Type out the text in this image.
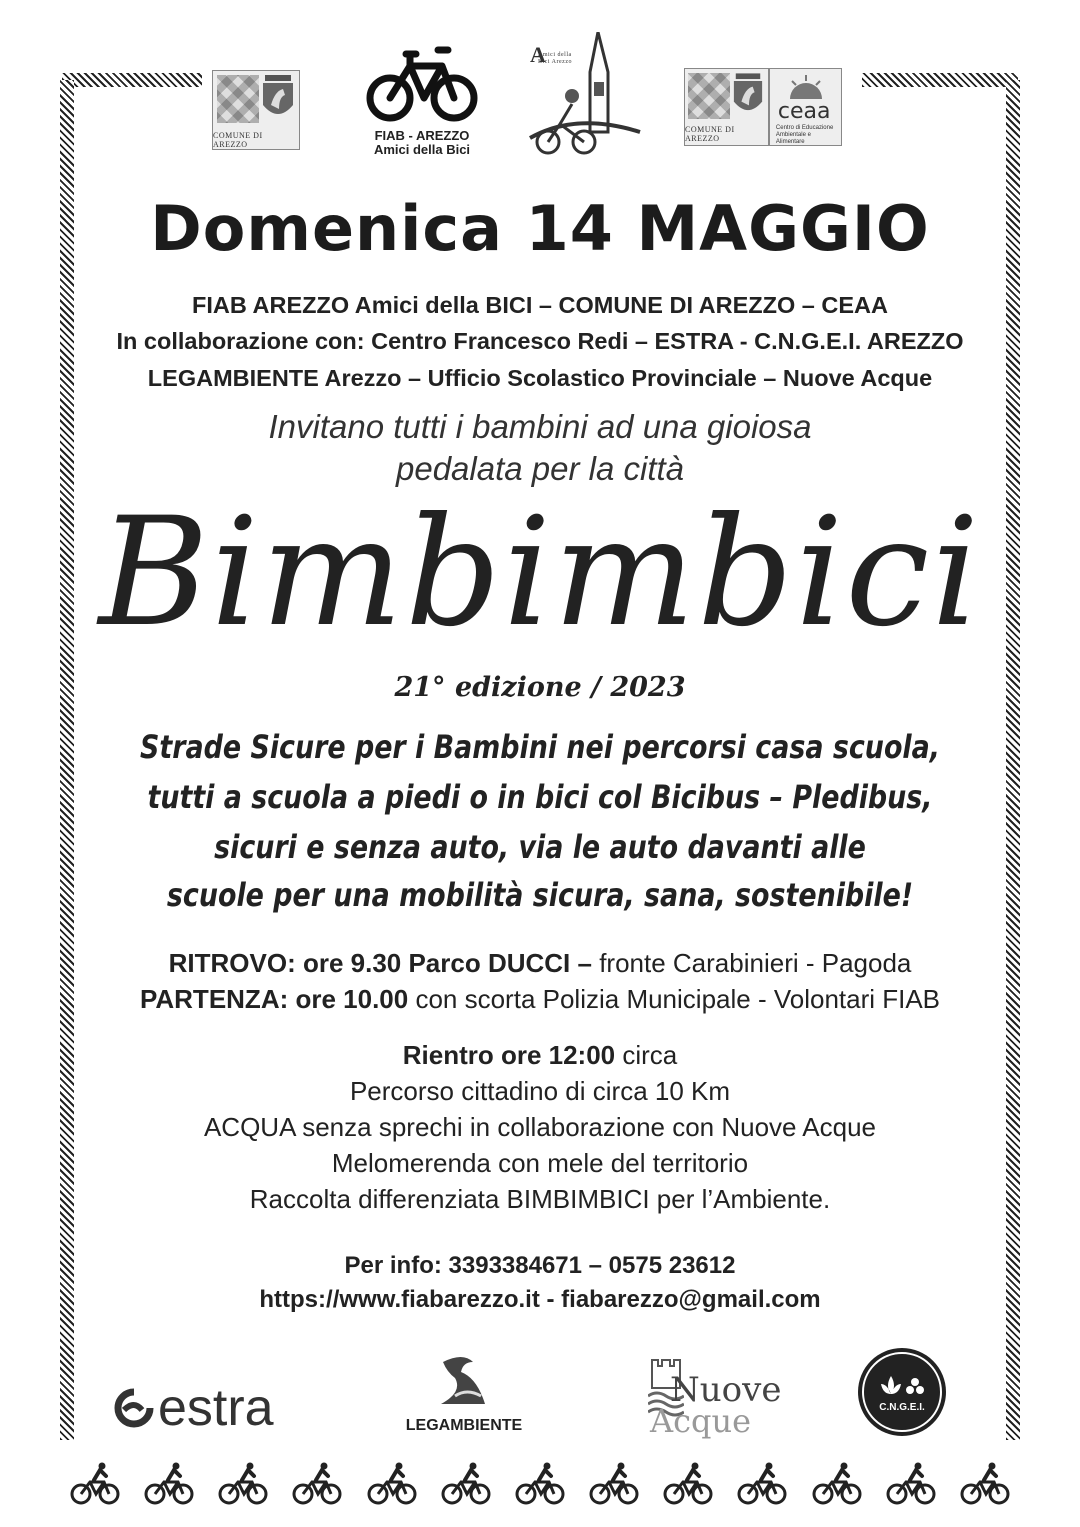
COMUNE DI AREZZO
FIAB - AREZZO
Amici della Bici
A
Amici della Bici Arezzo
COMUNE DI AREZZO
ceaa
Centro di Educazione Ambientale e Alimentare
Domenica 14 MAGGIO
FIAB AREZZO Amici della BICI – COMUNE DI AREZZO – CEAA
In collaborazione con: Centro Francesco Redi – ESTRA - C.N.G.E.I. AREZZO
LEGAMBIENTE Arezzo – Ufficio Scolastico Provinciale – Nuove Acque
Invitano tutti i bambini ad una gioiosa
pedalata per la città
Bimbimbici
21° edizione / 2023
Strade Sicure per i Bambini nei percorsi casa scuola,
tutti a scuola a piedi o in bici col Bicibus – Pledibus,
sicuri e senza auto, via le auto davanti alle
scuole per una mobilità sicura, sana, sostenibile!
RITROVO: ore 9.30 Parco DUCCI – fronte Carabinieri - Pagoda
PARTENZA: ore 10.00 con scorta Polizia Municipale - Volontari FIAB
Rientro ore 12:00 circa
Percorso cittadino di circa 10 Km
ACQUA senza sprechi in collaborazione con Nuove Acque
Melomerenda con mele del territorio
Raccolta differenziata BIMBIMBICI per l’Ambiente.
Per info: 3393384671 – 0575 23612
https://www.fiabarezzo.it - fiabarezzo@gmail.com
estra	LEGAMBIENTE
Nuove
Acque	C.N.G.E.I.
